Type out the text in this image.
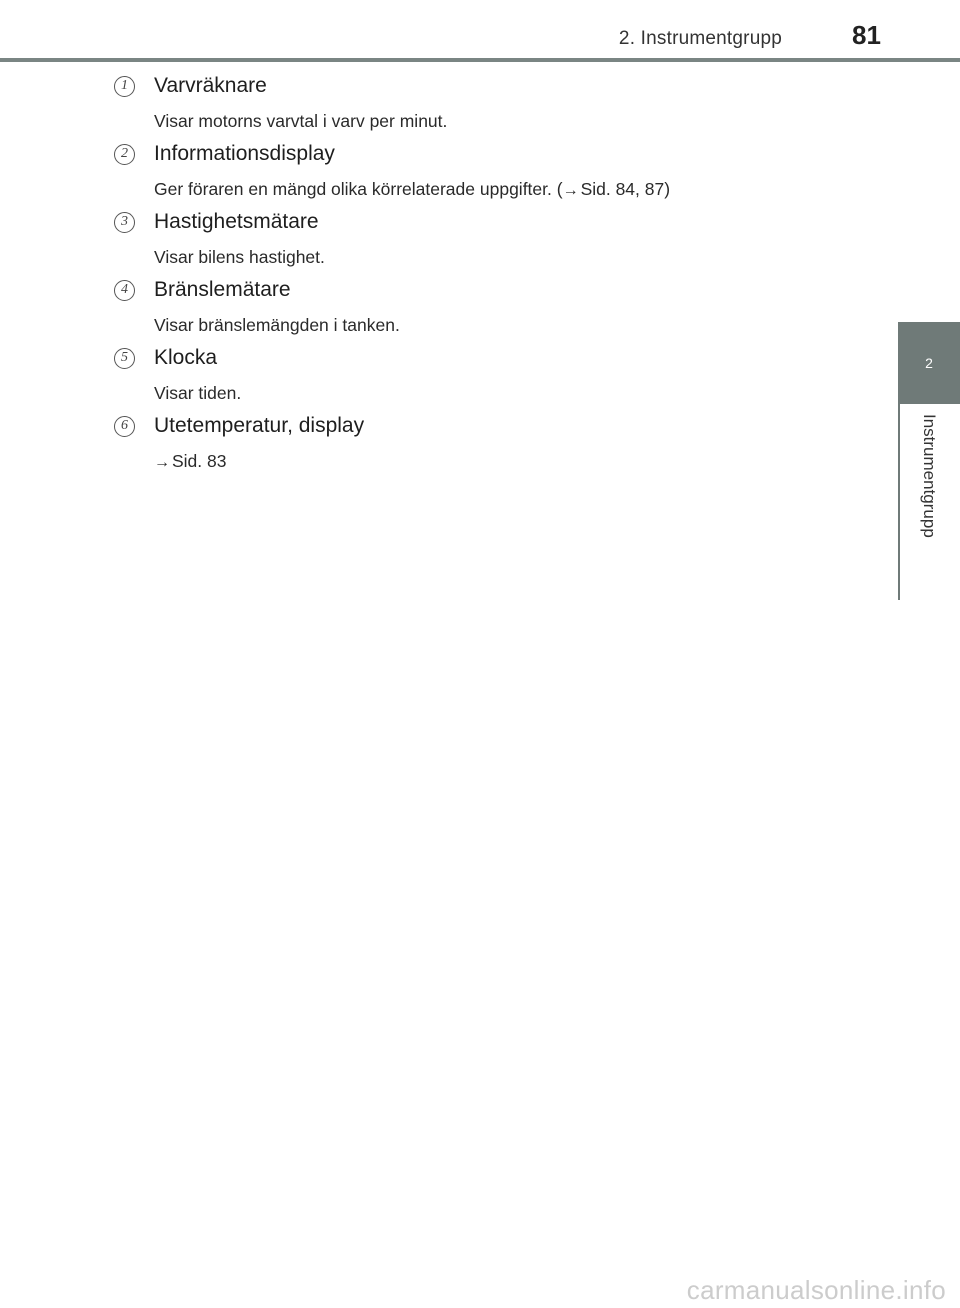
2. Instrumentgrupp	81
2
Instrumentgrupp
1	Varvräknare
Visar motorns varvtal i varv per minut.
2	Informationsdisplay
Ger föraren en mängd olika körrelaterade uppgifter. (→ Sid. 84, 87)
3	Hastighetsmätare
Visar bilens hastighet.
4	Bränslemätare
Visar bränslemängden i tanken.
5	Klocka
Visar tiden.
6	Utetemperatur, display
→ Sid. 83
carmanualsonline.info
